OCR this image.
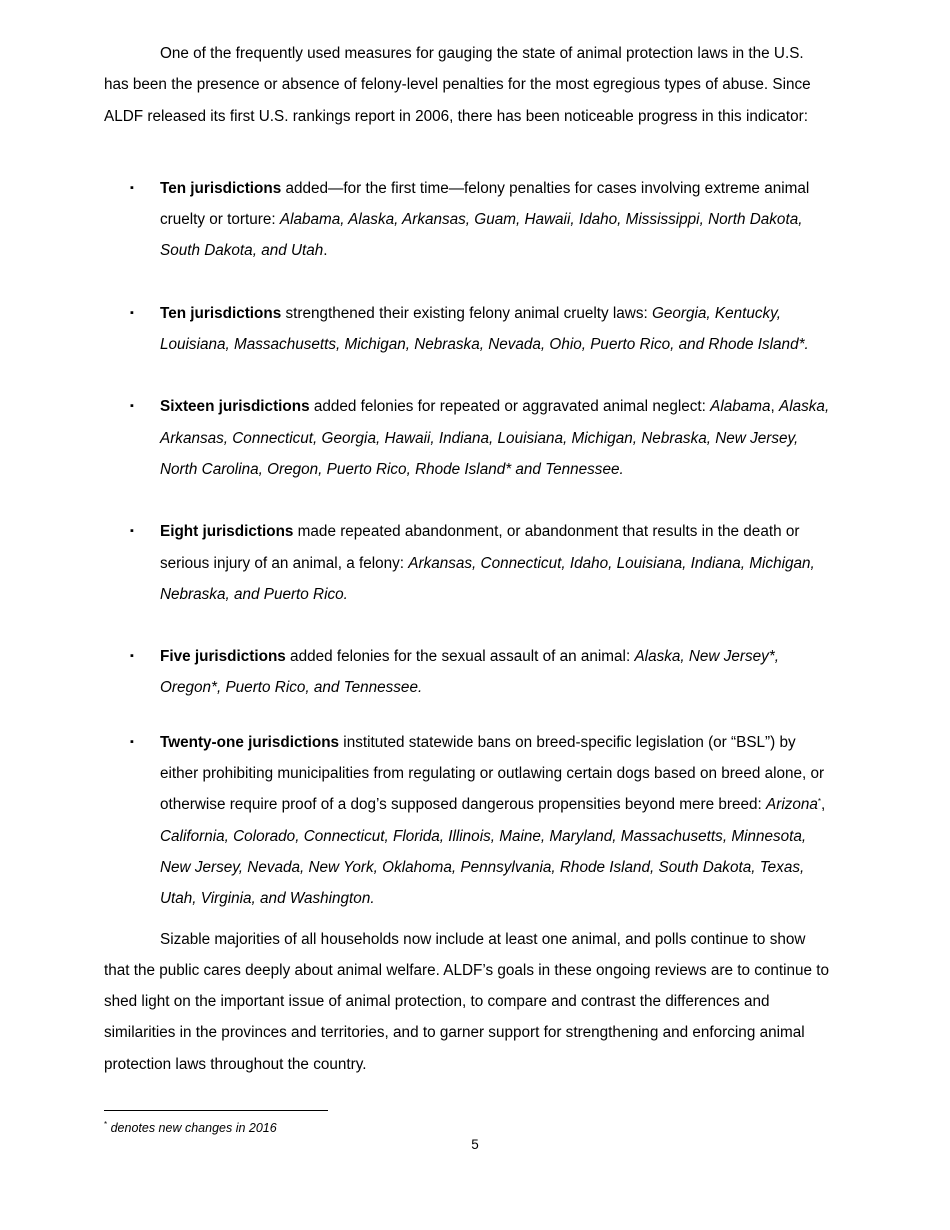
One of the frequently used measures for gauging the state of animal protection laws in the U.S. has been the presence or absence of felony-level penalties for the most egregious types of abuse. Since ALDF released its first U.S. rankings report in 2006, there has been noticeable progress in this indicator:

▪ Ten jurisdictions added—for the first time—felony penalties for cases involving extreme animal cruelty or torture: Alabama, Alaska, Arkansas, Guam, Hawaii, Idaho, Mississippi, North Dakota, South Dakota, and Utah.
▪ Ten jurisdictions strengthened their existing felony animal cruelty laws: Georgia, Kentucky, Louisiana, Massachusetts, Michigan, Nebraska, Nevada, Ohio, Puerto Rico, and Rhode Island*.
▪ Sixteen jurisdictions added felonies for repeated or aggravated animal neglect: Alabama, Alaska, Arkansas, Connecticut, Georgia, Hawaii, Indiana, Louisiana, Michigan, Nebraska, New Jersey, North Carolina, Oregon, Puerto Rico, Rhode Island* and Tennessee.
▪ Eight jurisdictions made repeated abandonment, or abandonment that results in the death or serious injury of an animal, a felony: Arkansas, Connecticut, Idaho, Louisiana, Indiana, Michigan, Nebraska, and Puerto Rico.
▪ Five jurisdictions added felonies for the sexual assault of an animal: Alaska, New Jersey*, Oregon*, Puerto Rico, and Tennessee.
▪ Twenty-one jurisdictions instituted statewide bans on breed-specific legislation (or “BSL”) by either prohibiting municipalities from regulating or outlawing certain dogs based on breed alone, or otherwise require proof of a dog’s supposed dangerous propensities beyond mere breed: Arizona*, California, Colorado, Connecticut, Florida, Illinois, Maine, Maryland, Massachusetts, Minnesota, New Jersey, Nevada, New York, Oklahoma, Pennsylvania, Rhode Island, South Dakota, Texas, Utah, Virginia, and Washington.

Sizable majorities of all households now include at least one animal, and polls continue to show that the public cares deeply about animal welfare. ALDF’s goals in these ongoing reviews are to continue to shed light on the important issue of animal protection, to compare and contrast the differences and similarities in the provinces and territories, and to garner support for strengthening and enforcing animal protection laws throughout the country.

* denotes new changes in 2016
5
